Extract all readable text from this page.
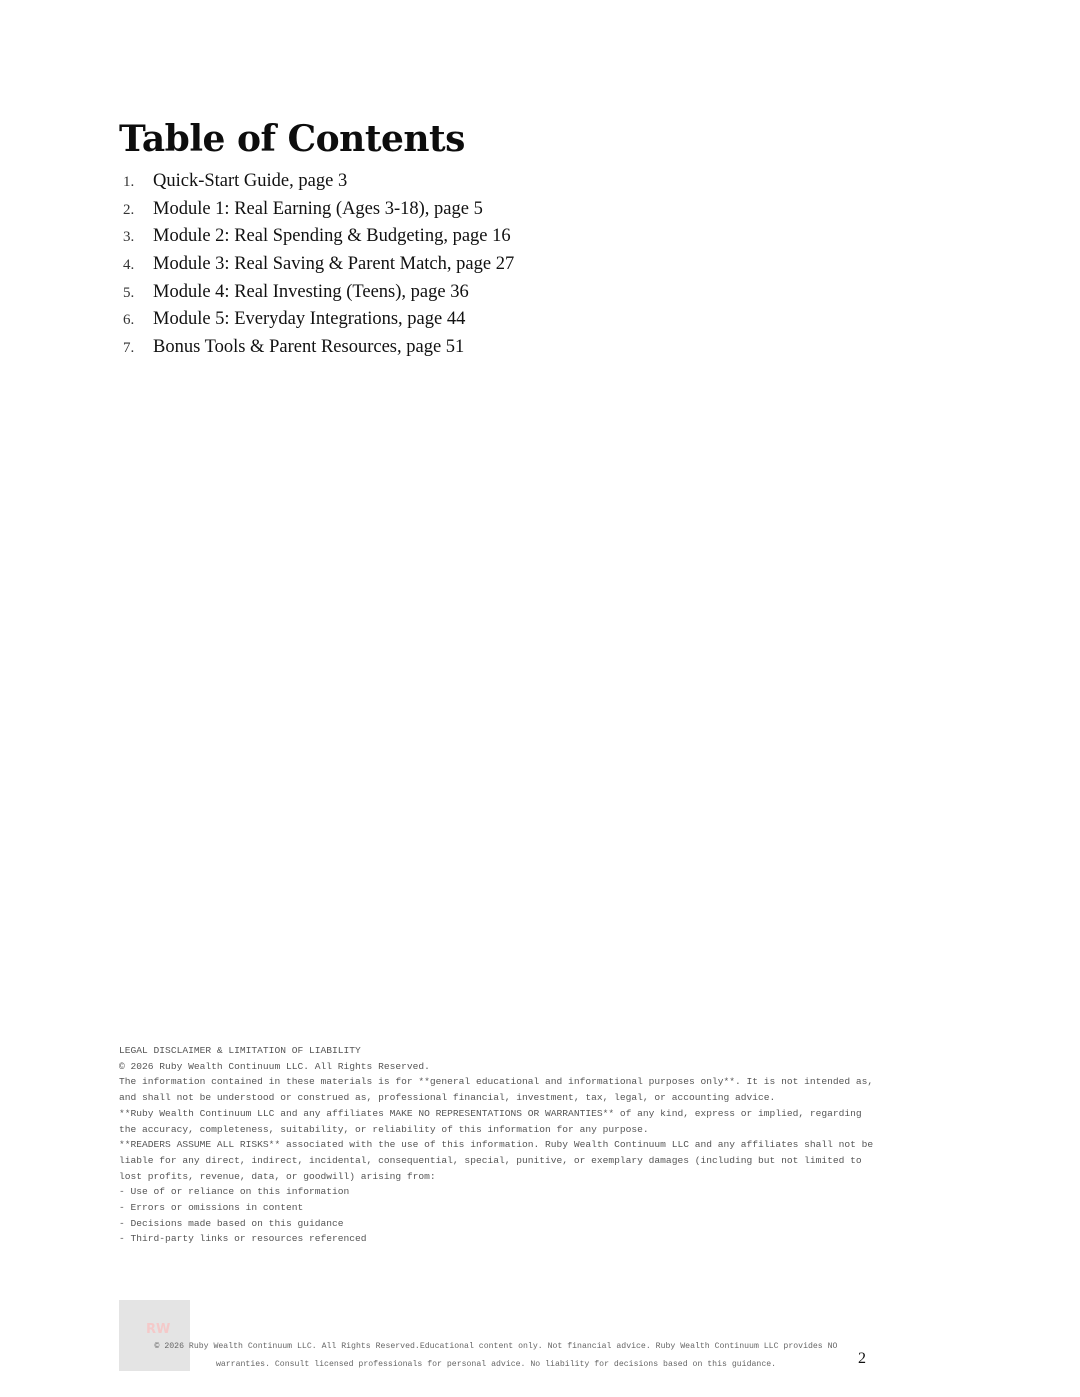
Table of Contents
1.	Quick-Start Guide, page 3
2.	Module 1: Real Earning (Ages 3-18), page 5
3.	Module 2: Real Spending & Budgeting, page 16
4.	Module 3: Real Saving & Parent Match, page 27
5.	Module 4: Real Investing (Teens), page 36
6.	Module 5: Everyday Integrations, page 44
7.	Bonus Tools & Parent Resources, page 51
LEGAL DISCLAIMER & LIMITATION OF LIABILITY
© 2026 Ruby Wealth Continuum LLC. All Rights Reserved.
The information contained in these materials is for **general educational and informational purposes only**. It is not intended as, and shall not be understood or construed as, professional financial, investment, tax, legal, or accounting advice.
**Ruby Wealth Continuum LLC and any affiliates MAKE NO REPRESENTATIONS OR WARRANTIES** of any kind, express or implied, regarding the accuracy, completeness, suitability, or reliability of this information for any purpose.
**READERS ASSUME ALL RISKS** associated with the use of this information. Ruby Wealth Continuum LLC and any affiliates shall not be liable for any direct, indirect, incidental, consequential, special, punitive, or exemplary damages (including but not limited to lost profits, revenue, data, or goodwill) arising from:
- Use of or reliance on this information
- Errors or omissions in content
- Decisions made based on this guidance
- Third-party links or resources referenced
RW
© 2026 Ruby Wealth Continuum LLC. All Rights Reserved.Educational content only. Not financial advice. Ruby Wealth Continuum LLC provides NO
warranties. Consult licensed professionals for personal advice. No liability for decisions based on this guidance.	2
